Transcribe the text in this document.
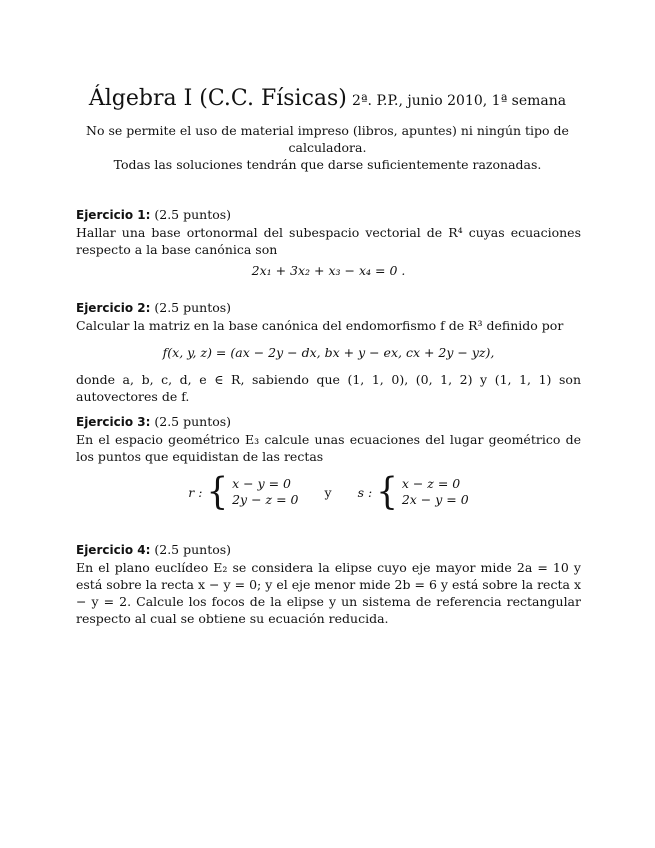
Álgebra I (C.C. Físicas) 2ª. P.P., junio 2010, 1ª semana
No se permite el uso de material impreso (libros, apuntes) ni ningún tipo de calculadora.
Todas las soluciones tendrán que darse suficientemente razonadas.
Ejercicio 1: (2.5 puntos)
Hallar una base ortonormal del subespacio vectorial de R⁴ cuyas ecuaciones respecto a la base canónica son
2x₁ + 3x₂ + x₃ − x₄ = 0 .
Ejercicio 2: (2.5 puntos)
Calcular la matriz en la base canónica del endomorfismo f de R³ definido por
f(x, y, z) = (ax − 2y − dx, bx + y − ex, cx + 2y − yz),
donde a, b, c, d, e ∈ R, sabiendo que (1, 1, 0), (0, 1, 2) y (1, 1, 1) son autovectores de f.
Ejercicio 3: (2.5 puntos)
En el espacio geométrico E₃ calcule unas ecuaciones del lugar geométrico de los puntos que equidistan de las rectas
r : { x − y = 0
2y − z = 0 y s : { x − z = 0
2x − y = 0
Ejercicio 4: (2.5 puntos)
En el plano euclídeo E₂ se considera la elipse cuyo eje mayor mide 2a = 10 y está sobre la recta x − y = 0; y el eje menor mide 2b = 6 y está sobre la recta x − y = 2. Calcule los focos de la elipse y un sistema de referencia rectangular respecto al cual se obtiene su ecuación reducida.
